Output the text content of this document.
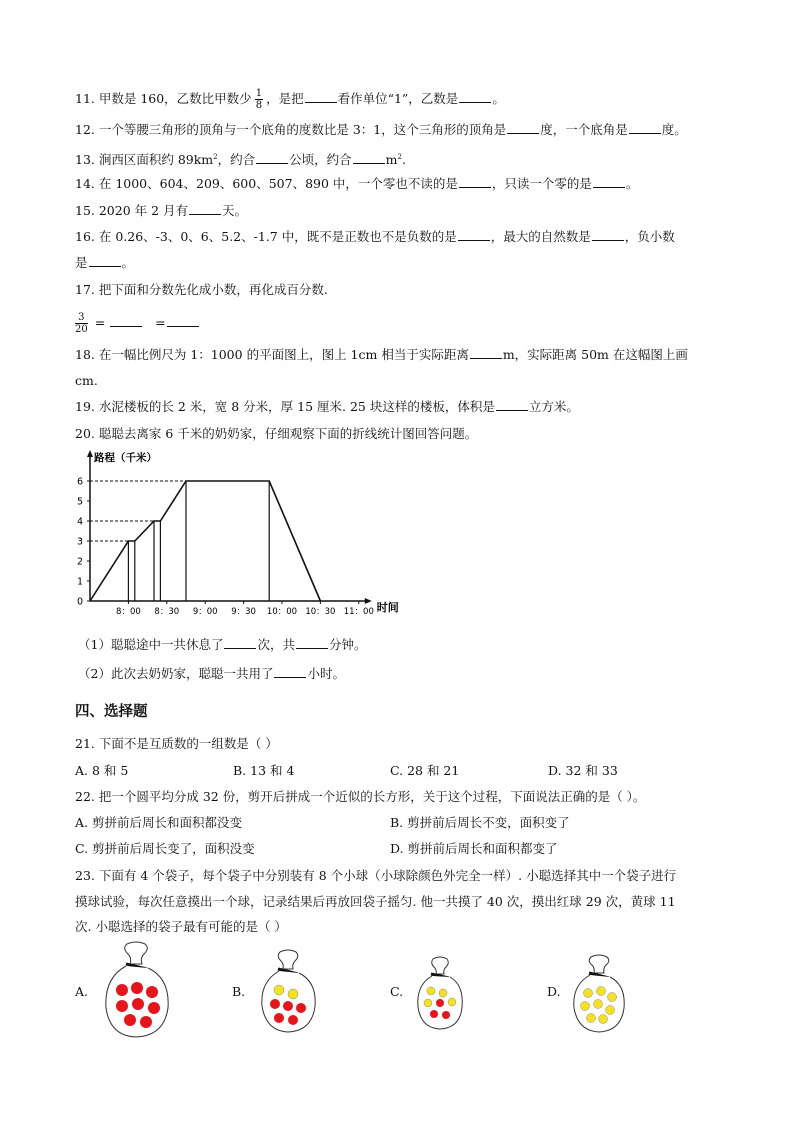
11. 甲数是 160，乙数比甲数少 $\frac{1}{8}$ ，是把	看作单位“1”，乙数是	。
12. 一个等腰三角形的顶角与一个底角的度数比是 3：1，这个三角形的顶角是	度，一个底角是	度。
13. 涧西区面积约 $89km^2$，约合	公顷，约合	$m^2$.
14. 在 1000、604、209、600、507、890 中，一个零也不读的是	，只读一个零的是	。
15. 2020 年 2 月有	天。
16. 在 0.26、-3、0、6、5.2、-1.7 中，既不是正数也不是负数的是	，最大的自然数是	，负小数
是	。
17. 把下面和分数先化成小数，再化成百分数.
$\frac{3}{20}$ =	=
18. 在一幅比例尺为 1：1000 的平面图上，图上 1cm 相当于实际距离	m，实际距离 50m 在这幅图上画
cm.
19. 水泥楼板的长 2 米，宽 8 分米，厚 15 厘米. 25 块这样的楼板，体积是	立方米。
20. 聪聪去离家 6 千米的奶奶家，仔细观察下面的折线统计图回答问题。
路程（千米）
时间
0
1
2
3
4
5
6
8：00 8：30 9：00 9：30 10：00 10：30 11：00
（1）聪聪途中一共休息了	次，共	分钟。
（2）此次去奶奶家，聪聪一共用了	小时。
四、选择题
21. 下面不是互质数的一组数是（ ）
A. 8 和 5	B. 13 和 4	C. 28 和 21	D. 32 和 33
22. 把一个圆平均分成 32 份，剪开后拼成一个近似的长方形，关于这个过程，下面说法正确的是（ ）。
A. 剪拼前后周长和面积都没变	B. 剪拼前后周长不变，面积变了
C. 剪拼前后周长变了，面积没变	D. 剪拼前后周长和面积都变了
23. 下面有 4 个袋子，每个袋子中分别装有 8 个小球（小球除颜色外完全一样）. 小聪选择其中一个袋子进行
摸球试验，每次任意摸出一个球，记录结果后再放回袋子摇匀. 他一共摸了 40 次，摸出红球 29 次，黄球 11
次. 小聪选择的袋子最有可能的是（ ）
A.	B.	C.	D.
